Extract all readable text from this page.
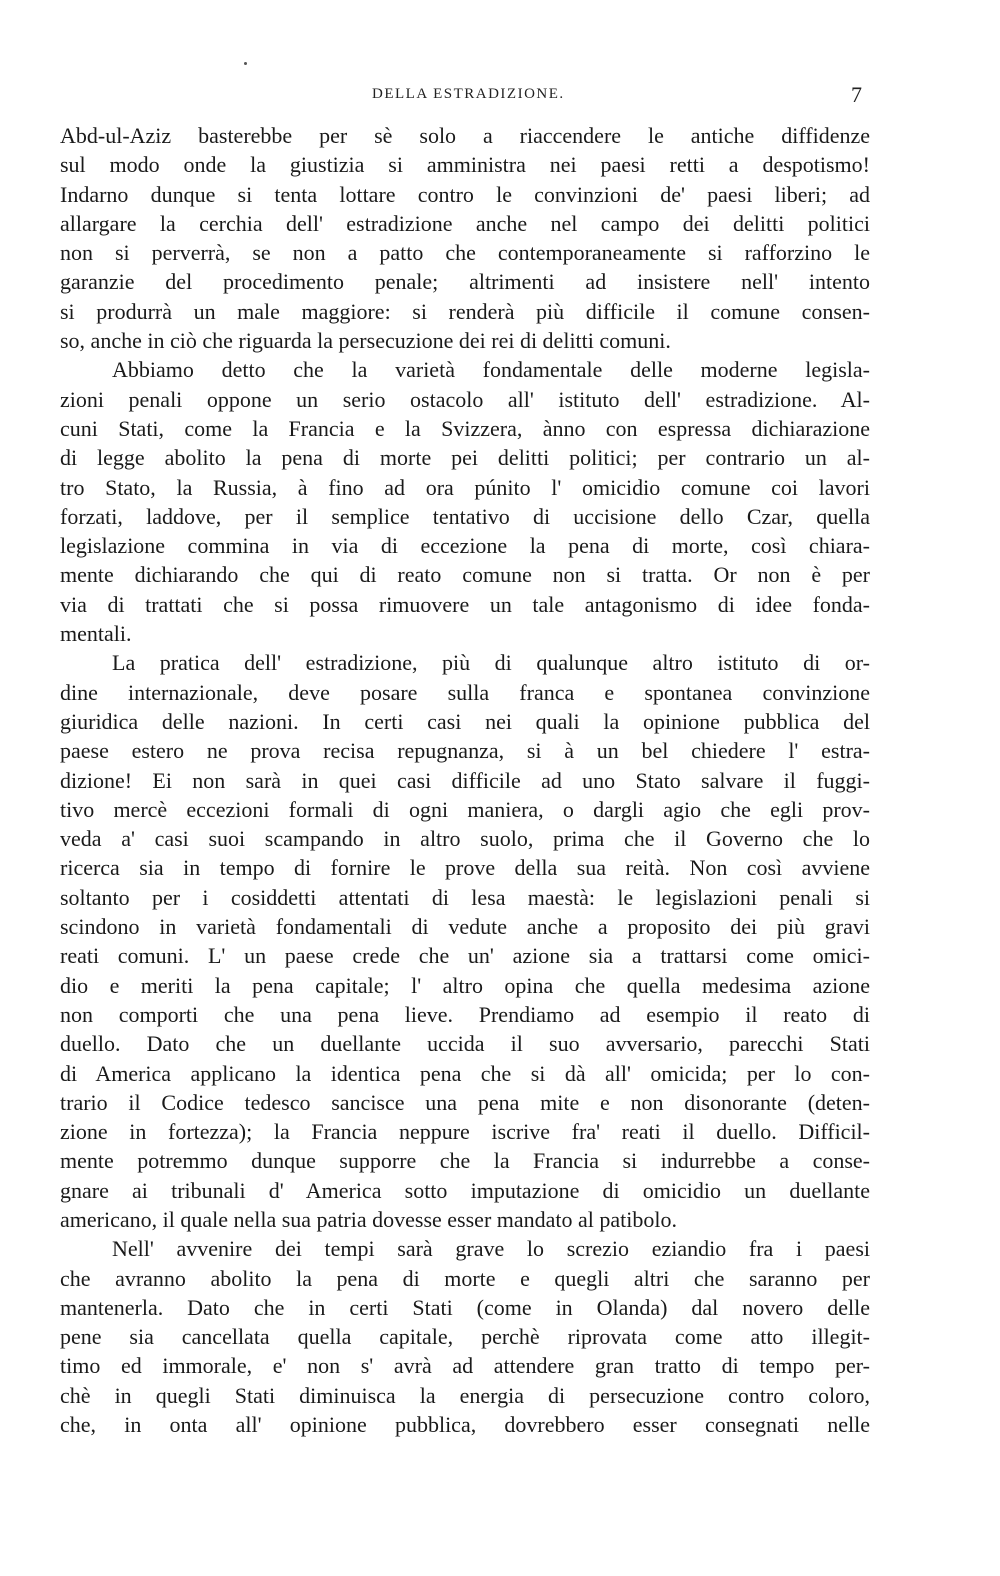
DELLA ESTRADIZIONE.	7
Abd-ul-Aziz basterebbe per sè solo a riaccendere le antiche diffidenze
sul modo onde la giustizia si amministra nei paesi retti a despotismo!
Indarno dunque si tenta lottare contro le convinzioni de' paesi liberi; ad
allargare la cerchia dell' estradizione anche nel campo dei delitti politici
non si perverrà, se non a patto che contemporaneamente si rafforzino le
garanzie del procedimento penale; altrimenti ad insistere nell' intento
si produrrà un male maggiore: si renderà più difficile il comune consen-
so, anche in ciò che riguarda la persecuzione dei rei di delitti comuni.
Abbiamo detto che la varietà fondamentale delle moderne legisla-
zioni penali oppone un serio ostacolo all' istituto dell' estradizione. Al-
cuni Stati, come la Francia e la Svizzera, ànno con espressa dichiarazione
di legge abolito la pena di morte pei delitti politici; per contrario un al-
tro Stato, la Russia, à fino ad ora púnito l' omicidio comune coi lavori
forzati, laddove, per il semplice tentativo di uccisione dello Czar, quella
legislazione commina in via di eccezione la pena di morte, così chiara-
mente dichiarando che qui di reato comune non si tratta. Or non è per
via di trattati che si possa rimuovere un tale antagonismo di idee fonda-
mentali.
La pratica dell' estradizione, più di qualunque altro istituto di or-
dine internazionale, deve posare sulla franca e spontanea convinzione
giuridica delle nazioni. In certi casi nei quali la opinione pubblica del
paese estero ne prova recisa repugnanza, si à un bel chiedere l' estra-
dizione! Ei non sarà in quei casi difficile ad uno Stato salvare il fuggi-
tivo mercè eccezioni formali di ogni maniera, o dargli agio che egli prov-
veda a' casi suoi scampando in altro suolo, prima che il Governo che lo
ricerca sia in tempo di fornire le prove della sua reità. Non così avviene
soltanto per i cosiddetti attentati di lesa maestà: le legislazioni penali si
scindono in varietà fondamentali di vedute anche a proposito dei più gravi
reati comuni. L' un paese crede che un' azione sia a trattarsi come omici-
dio e meriti la pena capitale; l' altro opina che quella medesima azione
non comporti che una pena lieve. Prendiamo ad esempio il reato di
duello. Dato che un duellante uccida il suo avversario, parecchi Stati
di America applicano la identica pena che si dà all' omicida; per lo con-
trario il Codice tedesco sancisce una pena mite e non disonorante (deten-
zione in fortezza); la Francia neppure iscrive fra' reati il duello. Difficil-
mente potremmo dunque supporre che la Francia si indurrebbe a conse-
gnare ai tribunali d' America sotto imputazione di omicidio un duellante
americano, il quale nella sua patria dovesse esser mandato al patibolo.
Nell' avvenire dei tempi sarà grave lo screzio eziandio fra i paesi
che avranno abolito la pena di morte e quegli altri che saranno per
mantenerla. Dato che in certi Stati (come in Olanda) dal novero delle
pene sia cancellata quella capitale, perchè riprovata come atto illegit-
timo ed immorale, e' non s' avrà ad attendere gran tratto di tempo per-
chè in quegli Stati diminuisca la energia di persecuzione contro coloro,
che, in onta all' opinione pubblica, dovrebbero esser consegnati nelle
